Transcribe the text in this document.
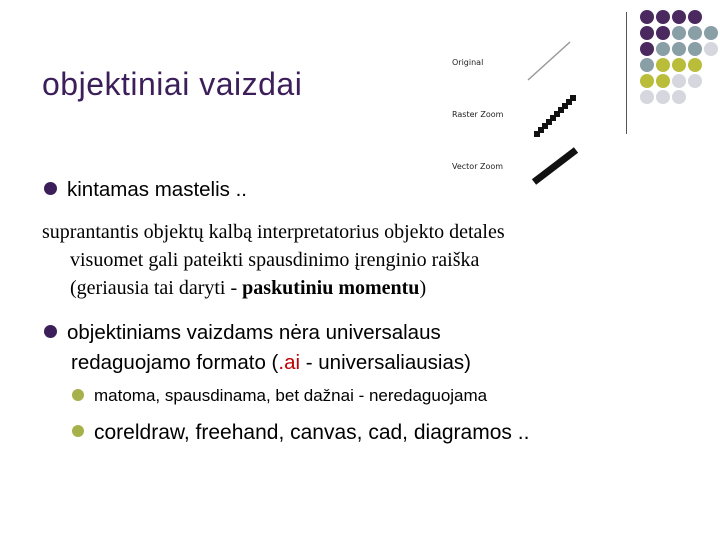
objektiniai vaizdai
Original
Raster Zoom
Vector Zoom
kintamas mastelis ..
suprantantis objektų kalbą interpretatorius objekto detales
visuomet gali pateikti spausdinimo įrenginio raiška
(geriausia tai daryti - paskutiniu momentu)
objektiniams vaizdams nėra universalaus
redaguojamo formato (.ai - universaliausias)
matoma, spausdinama, bet dažnai - neredaguojama
coreldraw, freehand, canvas, cad, diagramos ..
